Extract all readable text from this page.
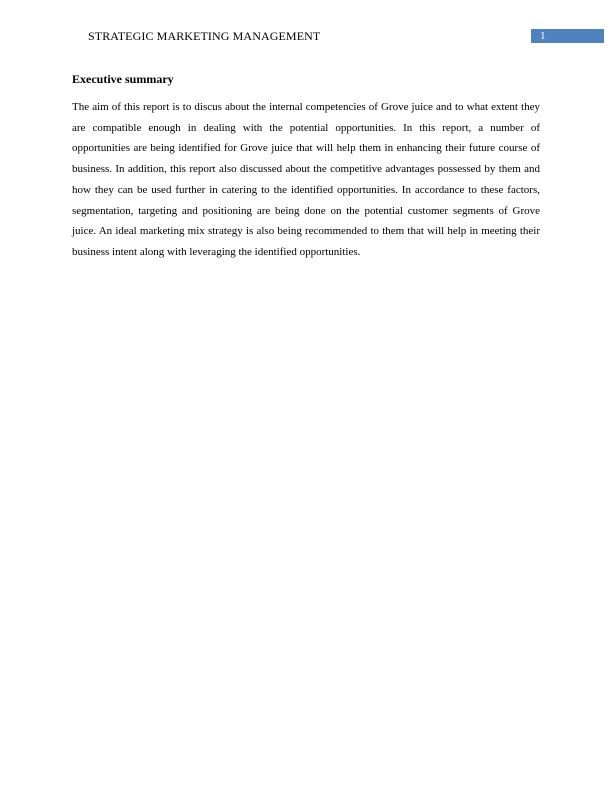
STRATEGIC MARKETING MANAGEMENT	1
Executive summary

The aim of this report is to discus about the internal competencies of Grove juice and to what extent they are compatible enough in dealing with the potential opportunities. In this report, a number of opportunities are being identified for Grove juice that will help them in enhancing their future course of business. In addition, this report also discussed about the competitive advantages possessed by them and how they can be used further in catering to the identified opportunities. In accordance to these factors, segmentation, targeting and positioning are being done on the potential customer segments of Grove juice. An ideal marketing mix strategy is also being recommended to them that will help in meeting their business intent along with leveraging the identified opportunities.
